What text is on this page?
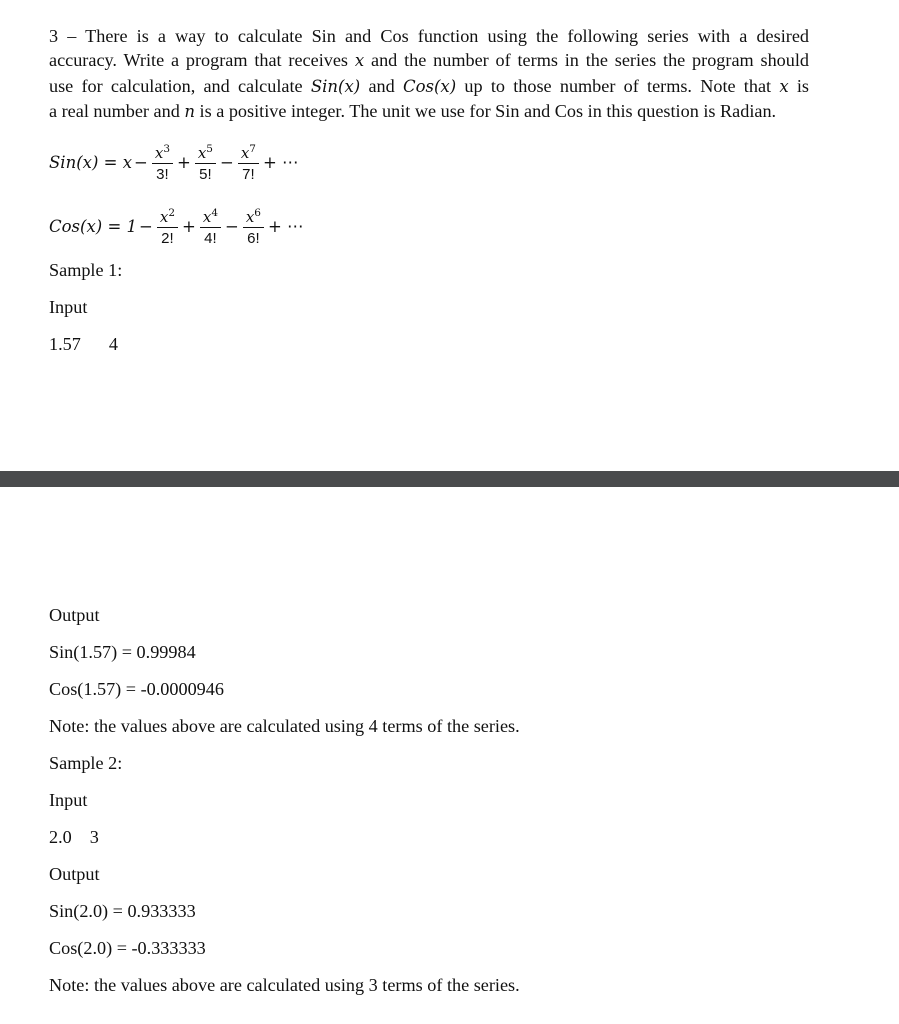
3 – There is a way to calculate Sin and Cos function using the following series with a desired
accuracy. Write a program that receives x and the number of terms in the series the program should
use for calculation, and calculate Sin(x) and Cos(x) up to those number of terms. Note that x is
a real number and n is a positive integer. The unit we use for Sin and Cos in this question is Radian.
$Sin(x) = x - \frac{x^3}{3!} + \frac{x^5}{5!} - \frac{x^7}{7!}$ + ⋯
$Cos(x) = 1 - \frac{x^2}{2!} + \frac{x^4}{4!} - \frac{x^6}{6!}$ + ⋯
Sample 1:
Input
1.57 4
Output
Sin(1.57) = 0.99984
Cos(1.57) = -0.0000946
Note: the values above are calculated using 4 terms of the series.
Sample 2:
Input
2.0 3
Output
Sin(2.0) = 0.933333
Cos(2.0) = -0.333333
Note: the values above are calculated using 3 terms of the series.
